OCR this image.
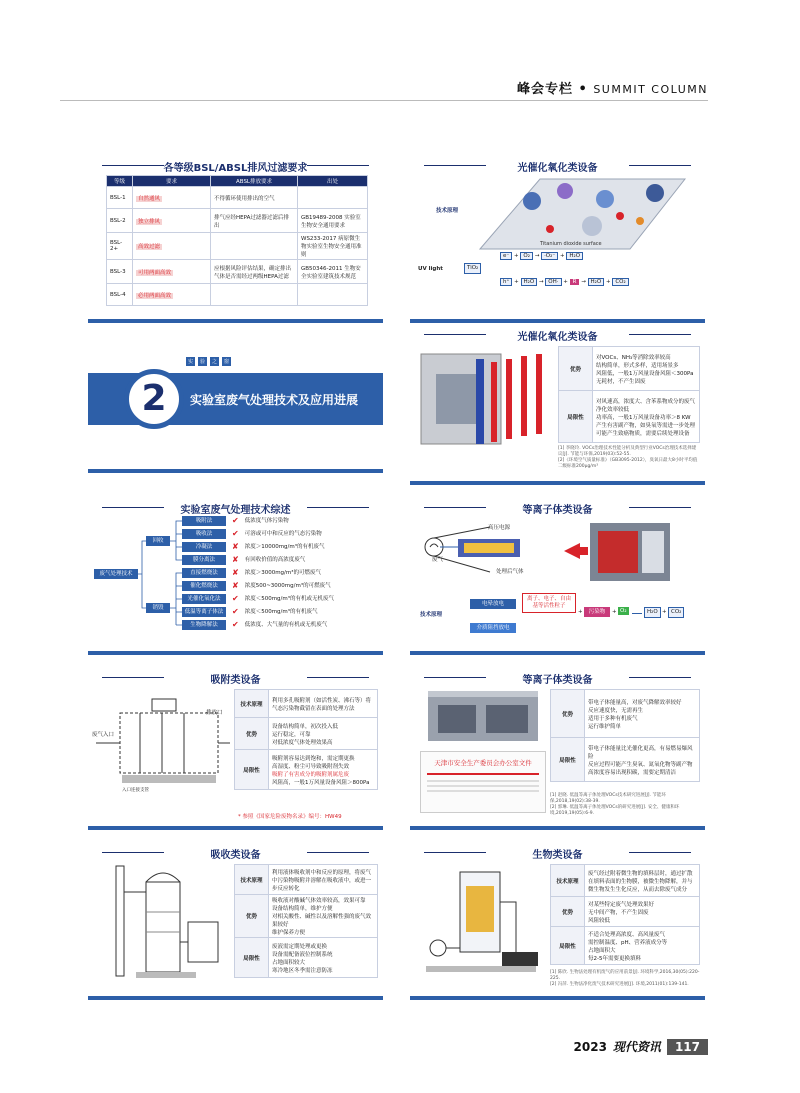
峰会专栏 • SUMMIT COLUMN
各等级BSL/ABSL排风过滤要求
等级	要求	ABSL排放要求	出处
BSL-1	自然通风	不得循环使用排出的空气	
BSL-2	独立排风	排气应经HEPA过滤器过滤后排出	GB19489-2008 实验室生物安全通用要求
BSL-2+	高效过滤		WS233-2017 病原微生物实验室生物安全通用准则
BSL-3	可用两面高效	应根据风险评估结果，确定排出气体是否需经过两级HEPA过滤	GB50346-2011 生物安全实验室建筑技术规范
BSL-4	必用两面高效		
光催化氧化类设备
技术原理
Titanium dioxide surface
UV light	TiO₂
e⁻ + O₂ → ·O₂⁻ + H₂O
h⁺ + H₂O → OH· + R → H₂O + CO₂
实	验	之	窗
2	实验室废气处理技术及应用进展
光催化氧化类设备
优势	对VOCs、NH₃等消除效率较高
结构简单，形式多样，适用场景多
风阻低，一般1万风量设备风阻＜300Pa
无耗材，不产生固废

局限性	对风速高，浓度大、含苯系物成分的废气净化效率较低
功率高，一般1万风量设备功率＞8 KW
产生有害副产物，如臭氧等需进一步处理
可能产生致癌物质，需要后续处理设备
[1] 李晓玲. VOCs治理技术性能分析及典型行业VOCs治理技术选择建议[J]. 节能与环保,2019(03):52-55.
[2]《环境空气质量标准》（GB3095-2012），臭氧日最大8小时平均值二级标准200μg/m³
实验室废气处理技术综述
废气处理技术
回收
销毁
吸附法	✔ 低浓度气体污染物
吸收法	✔ 可溶或可中和反应的气态污染物
冷凝法	✘ 浓度＞10000mg/m³的有机废气
膜分离法	✘ 有回收价值的高浓度废气
直接燃烧法	✘ 浓度＞3000mg/m³的可燃废气
催化燃烧法	✘ 浓度500~3000mg/m³的可燃废气
光催化氧化法	✔ 浓度＜500mg/m³的有机或无机废气
低温等离子体法	✔ 浓度＜500mg/m³的有机废气
生物降解法	✔ 低浓度、大气量的有机或无机废气
等离子体类设备
高压电源
废气
处理后气体
技术原理
电晕放电
介质阻挡放电
离子、电子、自由基等活性粒子
+	污染物	+ O₂	H₂O + CO₂
吸附类设备
废气入口
排放口
入口连接支管
技术原理	利用多孔吸附剂（如活性炭、沸石等）将气态污染物截留在表面的处理方法
优势	设备结构简单，初次投入低
运行稳定，可靠
对低浓度气体处理效果高

局限性	吸附剂容易达到饱和，需定期更换
高湿度、粉尘可导致吸附剂失效
吸附了有害成分的吸附剂属危废
风阻高，一般1万风量设备风阻＞800Pa
* 参照《国家危险废物名录》编号：HW49
等离子体类设备
天津市安全生产委员会办公室文件
优势	带电子体能量高，对废气降解效率较好
反应速度快，无需再生
适用于多种有机废气
运行维护简单

局限性	带电子体能量比光催化更高，有易燃易爆风险
反应过程可能产生臭氧、氮氧化物等副产物
高浓度容易出现积碳，需要定期清洁
[1] 赵晓. 低温等离子体处理VOCs技术研究进展[J]. 节能环保,2018,19(02):38-39.
[2] 郭琳. 低温等离子体处理VOCs的研究进展[J]. 安全、健康和环境,2019,19(05):6-9.
吸收类设备
技术原理	利用液体吸收剂中和反应的原理，将废气中污染物吸附并溶解在吸收液中，或进一步反应转化
优势	吸收液对酸碱气体效率较高，效果可靠
设备结构简单，维护方便
对相关酸性、碱性以及溶解性强的废气效果较好
维护保养方便

局限性	废液需定期处理或更换
设备需配备液位控制系统
占地面积较大
寒冷地区冬季需注意防冻
生物类设备
技术原理	废气经过附着微生物的填料层时，通过扩散在填料表面的生物膜，被微生物降解，并与微生物发生生化反应，从而去除废气成分
优势	对某些特定废气处理效果好
无中间产物，不产生固废
风阻较低

局限性	不适合处理高浓度、高风量废气
需控制温度、pH、营养液成分等
占地面积大
每2-5年需要更换填料
[1] 陈欣. 生物法处理有机废气的应用前景[J]. 环境科学,2016,30(05):220-225.
[2] 冯萍. 生物法净化废气技术研究进展[J]. 环境,2011(01):139-141.
2023 现代资讯	117
